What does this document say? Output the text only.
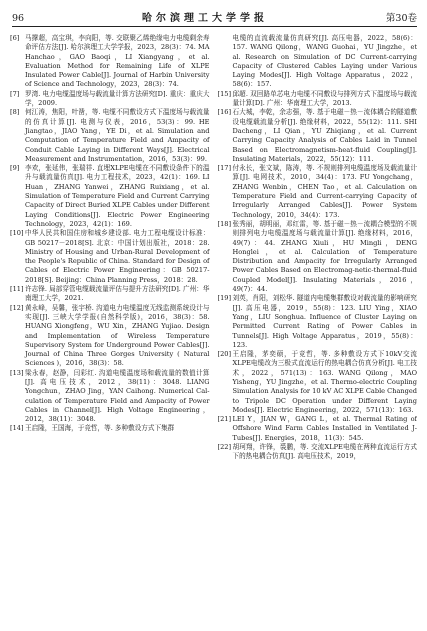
96	哈尔滨理工大学学报	第30卷
[6] 马撑超，高宝琪，李向阳，等. 交联聚乙烯绝缘电力电缆剩余寿命评估方法[J]. 哈尔滨理工大学学报，2023，28(3)：74. MA Hanchao，GAO Baoqi，LI Xiangyang，et al. Evaluation Method for Remaining Life of XLPE Insulated Power Cable[J]. Journal of Harbin University of Science and Technology，2023，28(3)：74.
[7] 罗湾. 电力电缆温度场与载流量计算方法研究[D]. 重庆：重庆大学，2009.
[8] 何江涛，焦阳，叶凿，等. 电缆不同敷设方式下温度场与载流量的仿真计算[J]. 电测与仪表，2016，53(3)：99. HE Jiangtao，JIAO Yang，YE Di，et al. Simulation and Computation of Temperature Field and Ampacity of Conduit Cable Laying in Different Ways[J]. Electrical Measurement and Instrumentation，2016，53(3)：99.
[9] 李欢，张延伟，张瑞祥. 直埋XLPE电缆在不同敷设条件下的温升与载流量仿真[J]. 电力工程技术，2023，42(1)：169. LI Huan，ZHANG Yanwei，ZHANG Ruixiang，et al. Simulation of Temperature Field and Current Carrying Capacity of Direct Buried XLPE Cables under Different Laying Conditions[J]. Electric Power Engineering Technology，2023，42(1)：169.
[10] 中华人民共和国住房和城乡建设部. 电力工程电缆设计标准：GB 50217－2018[S]. 北京：中国计划出版社，2018：28. Ministry of Housing and Urban-Rural Development of the People's Republic of China. Standard for Design of Cables of Electric Power Engineering：GB 50217-2018[S]. Beijing：China Planning Press，2018：28.
[11] 许志锋. 局部穿管电缆载流量评估与提升方法研究[D]. 广州：华南理工大学，2021.
[12] 黄永峰，吴馨，张宇桥. 沟道电力电缆温度无线监测系统设计与实现[J]. 三峡大学学报(自然科学版)，2016，38(3)：58. HUANG Xiongfeng，WU Xin，ZHANG Yujiao. Design and Implementation of Wireless Temperature Supervisory System for Underground Power Cables[J]. Journal of China Three Gorges University ( Natural Sciences )，2016，38(3)：58.
[13] 梁永春，赵静，闫彩红. 沟道电缆温度场和载流量的数值计算[J]. 高电压技术，2012，38(11)：3048. LIANG Yongchun，ZHAO Jing，YAN Caihong. Numerical Cal-culation of Temperature Field and Ampacity of Power Cables in Channel[J]. High Voltage Engineering，2012，38(11)：3048.
[14] 王启隆，王国海，于竞哲，等. 多种敷设方式下集群
电缆的直流载流量仿真研究[J]. 高压电器，2022，58(6)：157. WANG Qilong，WANG Guohai，YU Jingzhe，et al. Research on Simulation of DC Current-carrying Capacity of Clustered Cables Laying under Various Laying Modes[J]. High Voltage Apparatus，2022，58(6)：157.
[15] 邱超. 双回路单芯电力电缆不同敷设与排列方式下温度场与载流量计算[D]. 广州：华南理工大学，2013.
[16] 石大城，李乾，余志强，等. 基于电磁－热－流体耦合的隧道敷设电缆载流量分析[J]. 绝缘材料，2022，55(12)：111. SHI Dacheng，LI Qian，YU Zhiqiang，et al. Current Carrying Capacity Analysis of Cables Laid in Tunnel Based on Electromagnetism-heat-fluid Coupling[J]. Insulating Materials，2022，55(12)：111.
[17] 付永长，张文斌，陈涛，等. 不规则排列电缆温度场及载流量计算[J]. 电网技术，2010，34(4)：173. FU Yongchang，ZHANG Wenbin，CHEN Tao，et al. Calculation on Temperature Field and Current-carrying Capacity of Irregularly Arranged Cables[J]. Power System Technology，2010，34(4)：173.
[18] 张秀丽，胡明丽，邓红雷，等. 基于磁－热－流耦合模型的不规则排列电力电缆温度场与载流量计算[J]. 绝缘材料，2016，49(7)：44. ZHANG Xiuli，HU Mingli，DENG Honglei，et al. Calculation of Temperature Distribution and Ampacity for Irregularly Arranged Power Cables Based on Electromag-netic-thermal-fluid Coupled Model[J]. Insulating Materials，2016，49(7)：44.
[19] 刘英，肖阳，刘松华. 隧道内电缆集群敷设对载流量的影响研究[J]. 高压电器，2019，55(8)：123. LIU Ying，XIAO Yang，LIU Songhua. Influence of Cluster Laying on Permitted Current Rating of Power Cables in Tunnels[J]. High Voltage Apparatus，2019，55(8)：123.
[20] 王启隆，茅奕硕，于竞哲，等. 多种敷设方式下10kV交流XLPE电缆改为三极式直流运行的热电耦合仿真分析[J]. 电工技术，2022，571(13)：163. WANG Qilong，MAO Yisheng，YU Jingzhe，et al. Thermo-electric Coupling Simulation Analysis for 10 kV AC XLPE Cable Changed to Tripole DC Operation under Different Laying Modes[J]. Electric Engineering，2022，571(13)：163.
[21] LEI Y，JIAN W，GANG L，et al. Thermal Rating of Offshore Wind Farm Cables Installed in Ventilated J-Tubes[J]. Energies，2018，11(3)：545.
[22] 胡珂翔，许锋，裘鹏，等. 交流XLPE电缆在两种直流运行方式下的热电耦合仿真[J]. 高电压技术，2019，
